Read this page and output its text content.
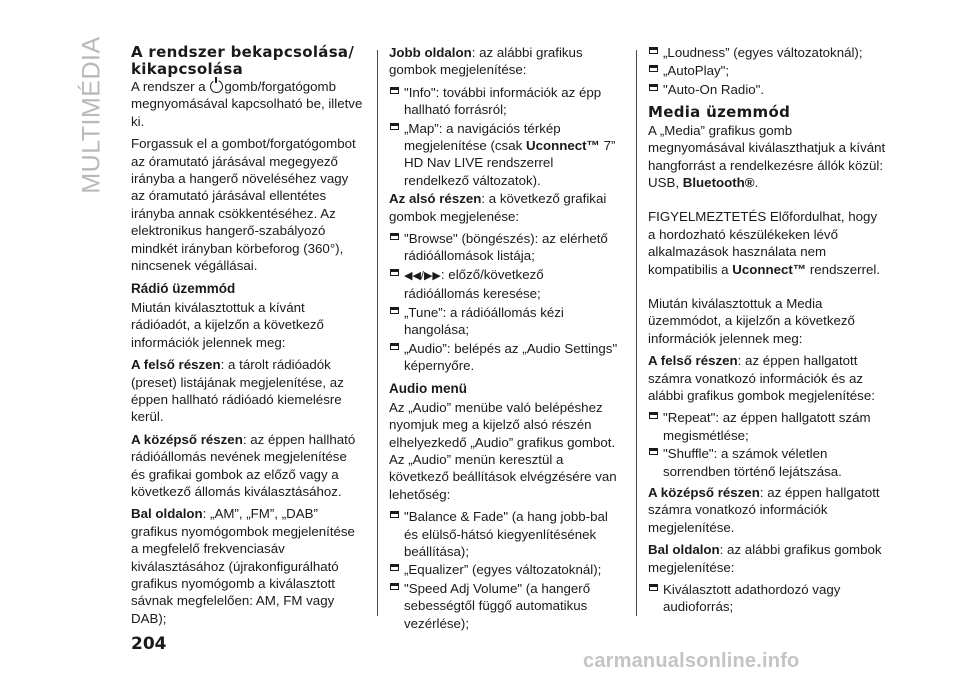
MULTIMÉDIA A rendszer bekapcsolása/ kikapcsolása

A rendszer a gomb/forgatógomb megnyomásával kapcsolható be, illetve ki.

Forgassuk el a gombot/forgatógombot az óramutató járásával megegyező irányba a hangerő növeléséhez vagy az óramutató járásával ellentétes irányba annak csökkentéséhez. Az elektronikus hangerő-szabályozó mindkét irányban körbeforog (360°), nincsenek végállásai.

Rádió üzemmód

Miután kiválasztottuk a kívánt rádióadót, a kijelzőn a következő információk jelennek meg:

A felső részen: a tárolt rádióadók (preset) listájának megjelenítése, az éppen hallható rádióadó kiemelésre kerül.

A középső részen: az éppen hallható rádióállomás nevének megjelenítése és grafikai gombok az előző vagy a következő állomás kiválasztásához.

Bal oldalon: „AM”, „FM”, „DAB” grafikus nyomógombok megjelenítése a megfelelő frekvenciasáv kiválasztásához (újrakonfigurálható grafikus nyomógomb a kiválasztott sávnak megfelelően: AM, FM vagy DAB);

Jobb oldalon: az alábbi grafikus gombok megjelenítése:

"Info": további információk az épp hallható forrásról;
„Map”: a navigációs térkép megjelenítése (csak Uconnect™ 7” HD Nav LIVE rendszerrel rendelkező változatok).

Az alsó részen: a következő grafikai gombok megjelenése:

"Browse" (böngészés): az elérhető rádióállomások listája;
◀◀/▶▶: előző/következő rádióállomás keresése;
„Tune”: a rádióállomás kézi hangolása;
„Audio”: belépés az „Audio Settings" képernyőre.
Audio menü

Az „Audio” menübe való belépéshez nyomjuk meg a kijelző alsó részén elhelyezkedő „Audio” grafikus gombot. Az „Audio” menün keresztül a következő beállítások elvégzésére van lehetőség:

"Balance & Fade" (a hang jobb-bal és elülső-hátsó kiegyenlítésének beállítása);
„Equalizer” (egyes változatoknál);
"Speed Adj Volume" (a hangerő sebességtől függő automatikus vezérlése);
„Loudness” (egyes változatoknál);
„AutoPlay";
"Auto-On Radio".
Media üzemmód

A „Media” grafikus gomb megnyomásával kiválaszthatjuk a kívánt hangforrást a rendelkezésre állók közül: USB, Bluetooth®.

FIGYELMEZTETÉS Előfordulhat, hogy a hordozható készülékeken lévő alkalmazások használata nem kompatibilis a Uconnect™ rendszerrel.

Miután kiválasztottuk a Media üzemmódot, a kijelzőn a következő információk jelennek meg:

A felső részen: az éppen hallgatott számra vonatkozó információk és az alábbi grafikus gombok megjelenítése:

"Repeat": az éppen hallgatott szám megismétlése;
"Shuffle": a számok véletlen sorrendben történő lejátszása.

A középső részen: az éppen hallgatott számra vonatkozó információk megjelenítése.

Bal oldalon: az alábbi grafikus gombok megjelenítése:

Kiválasztott adathordozó vagy audioforrás;
204
carmanualsonline.info
